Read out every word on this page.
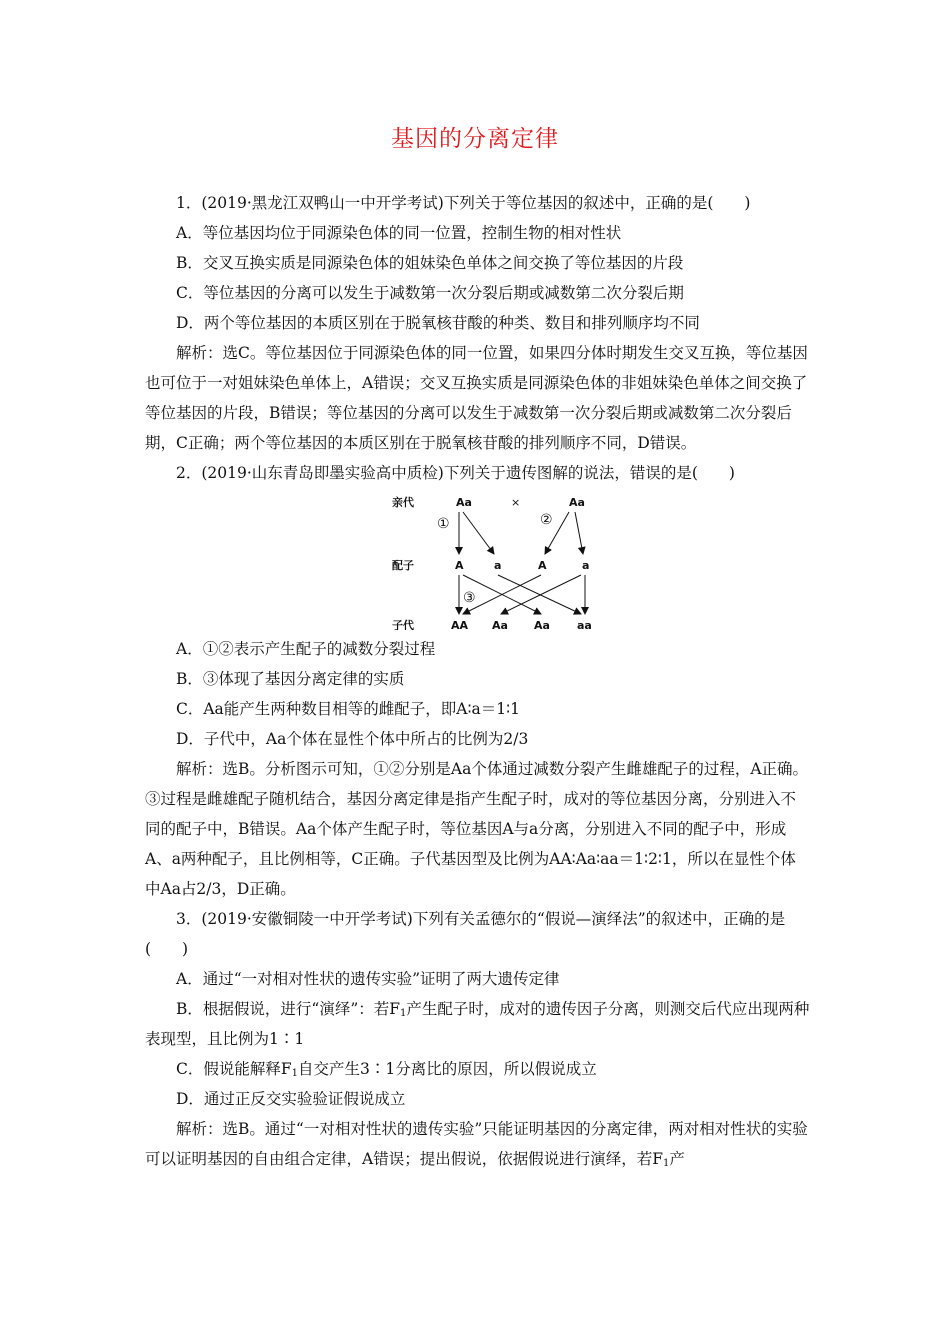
基因的分离定律

1．(2019·黑龙江双鸭山一中开学考试)下列关于等位基因的叙述中，正确的是(　　)

A．等位基因均位于同源染色体的同一位置，控制生物的相对性状

B．交叉互换实质是同源染色体的姐妹染色单体之间交换了等位基因的片段

C．等位基因的分离可以发生于减数第一次分裂后期或减数第二次分裂后期

D．两个等位基因的本质区别在于脱氧核苷酸的种类、数目和排列顺序均不同

解析：选C。等位基因位于同源染色体的同一位置，如果四分体时期发生交叉互换，等位基因也可位于一对姐妹染色单体上，A错误；交叉互换实质是同源染色体的非姐妹染色单体之间交换了等位基因的片段，B错误；等位基因的分离可以发生于减数第一次分裂后期或减数第二次分裂后期，C正确；两个等位基因的本质区别在于脱氧核苷酸的排列顺序不同，D错误。

2．(2019·山东青岛即墨实验高中质检)下列关于遗传图解的说法，错误的是(　　)

亲代
配子
子代
Aa	×	Aa
①	②
③
A	a	A	a
AA Aa Aa aa

A．①②表示产生配子的减数分裂过程

B．③体现了基因分离定律的实质

C．Aa能产生两种数目相等的雌配子，即A∶a＝1∶1

D．子代中，Aa个体在显性个体中所占的比例为2/3

解析：选B。分析图示可知，①②分别是Aa个体通过减数分裂产生雌雄配子的过程，A正确。③过程是雌雄配子随机结合，基因分离定律是指产生配子时，成对的等位基因分离，分别进入不同的配子中，B错误。Aa个体产生配子时，等位基因A与a分离，分别进入不同的配子中，形成A、a两种配子，且比例相等，C正确。子代基因型及比例为AA∶Aa∶aa＝1∶2∶1，所以在显性个体中Aa占2/3，D正确。

3．(2019·安徽铜陵一中开学考试)下列有关孟德尔的“假说—演绎法”的叙述中，正确的是(　　)

A．通过“一对相对性状的遗传实验”证明了两大遗传定律

B．根据假说，进行“演绎”：若$F_1$产生配子时，成对的遗传因子分离，则测交后代应出现两种表现型，且比例为1∶1

C．假说能解释$F_1$自交产生3∶1分离比的原因，所以假说成立

D．通过正反交实验验证假说成立

解析：选B。通过“一对相对性状的遗传实验”只能证明基因的分离定律，两对相对性状的实验可以证明基因的自由组合定律，A错误；提出假说，依据假说进行演绎，若$F_1$产
